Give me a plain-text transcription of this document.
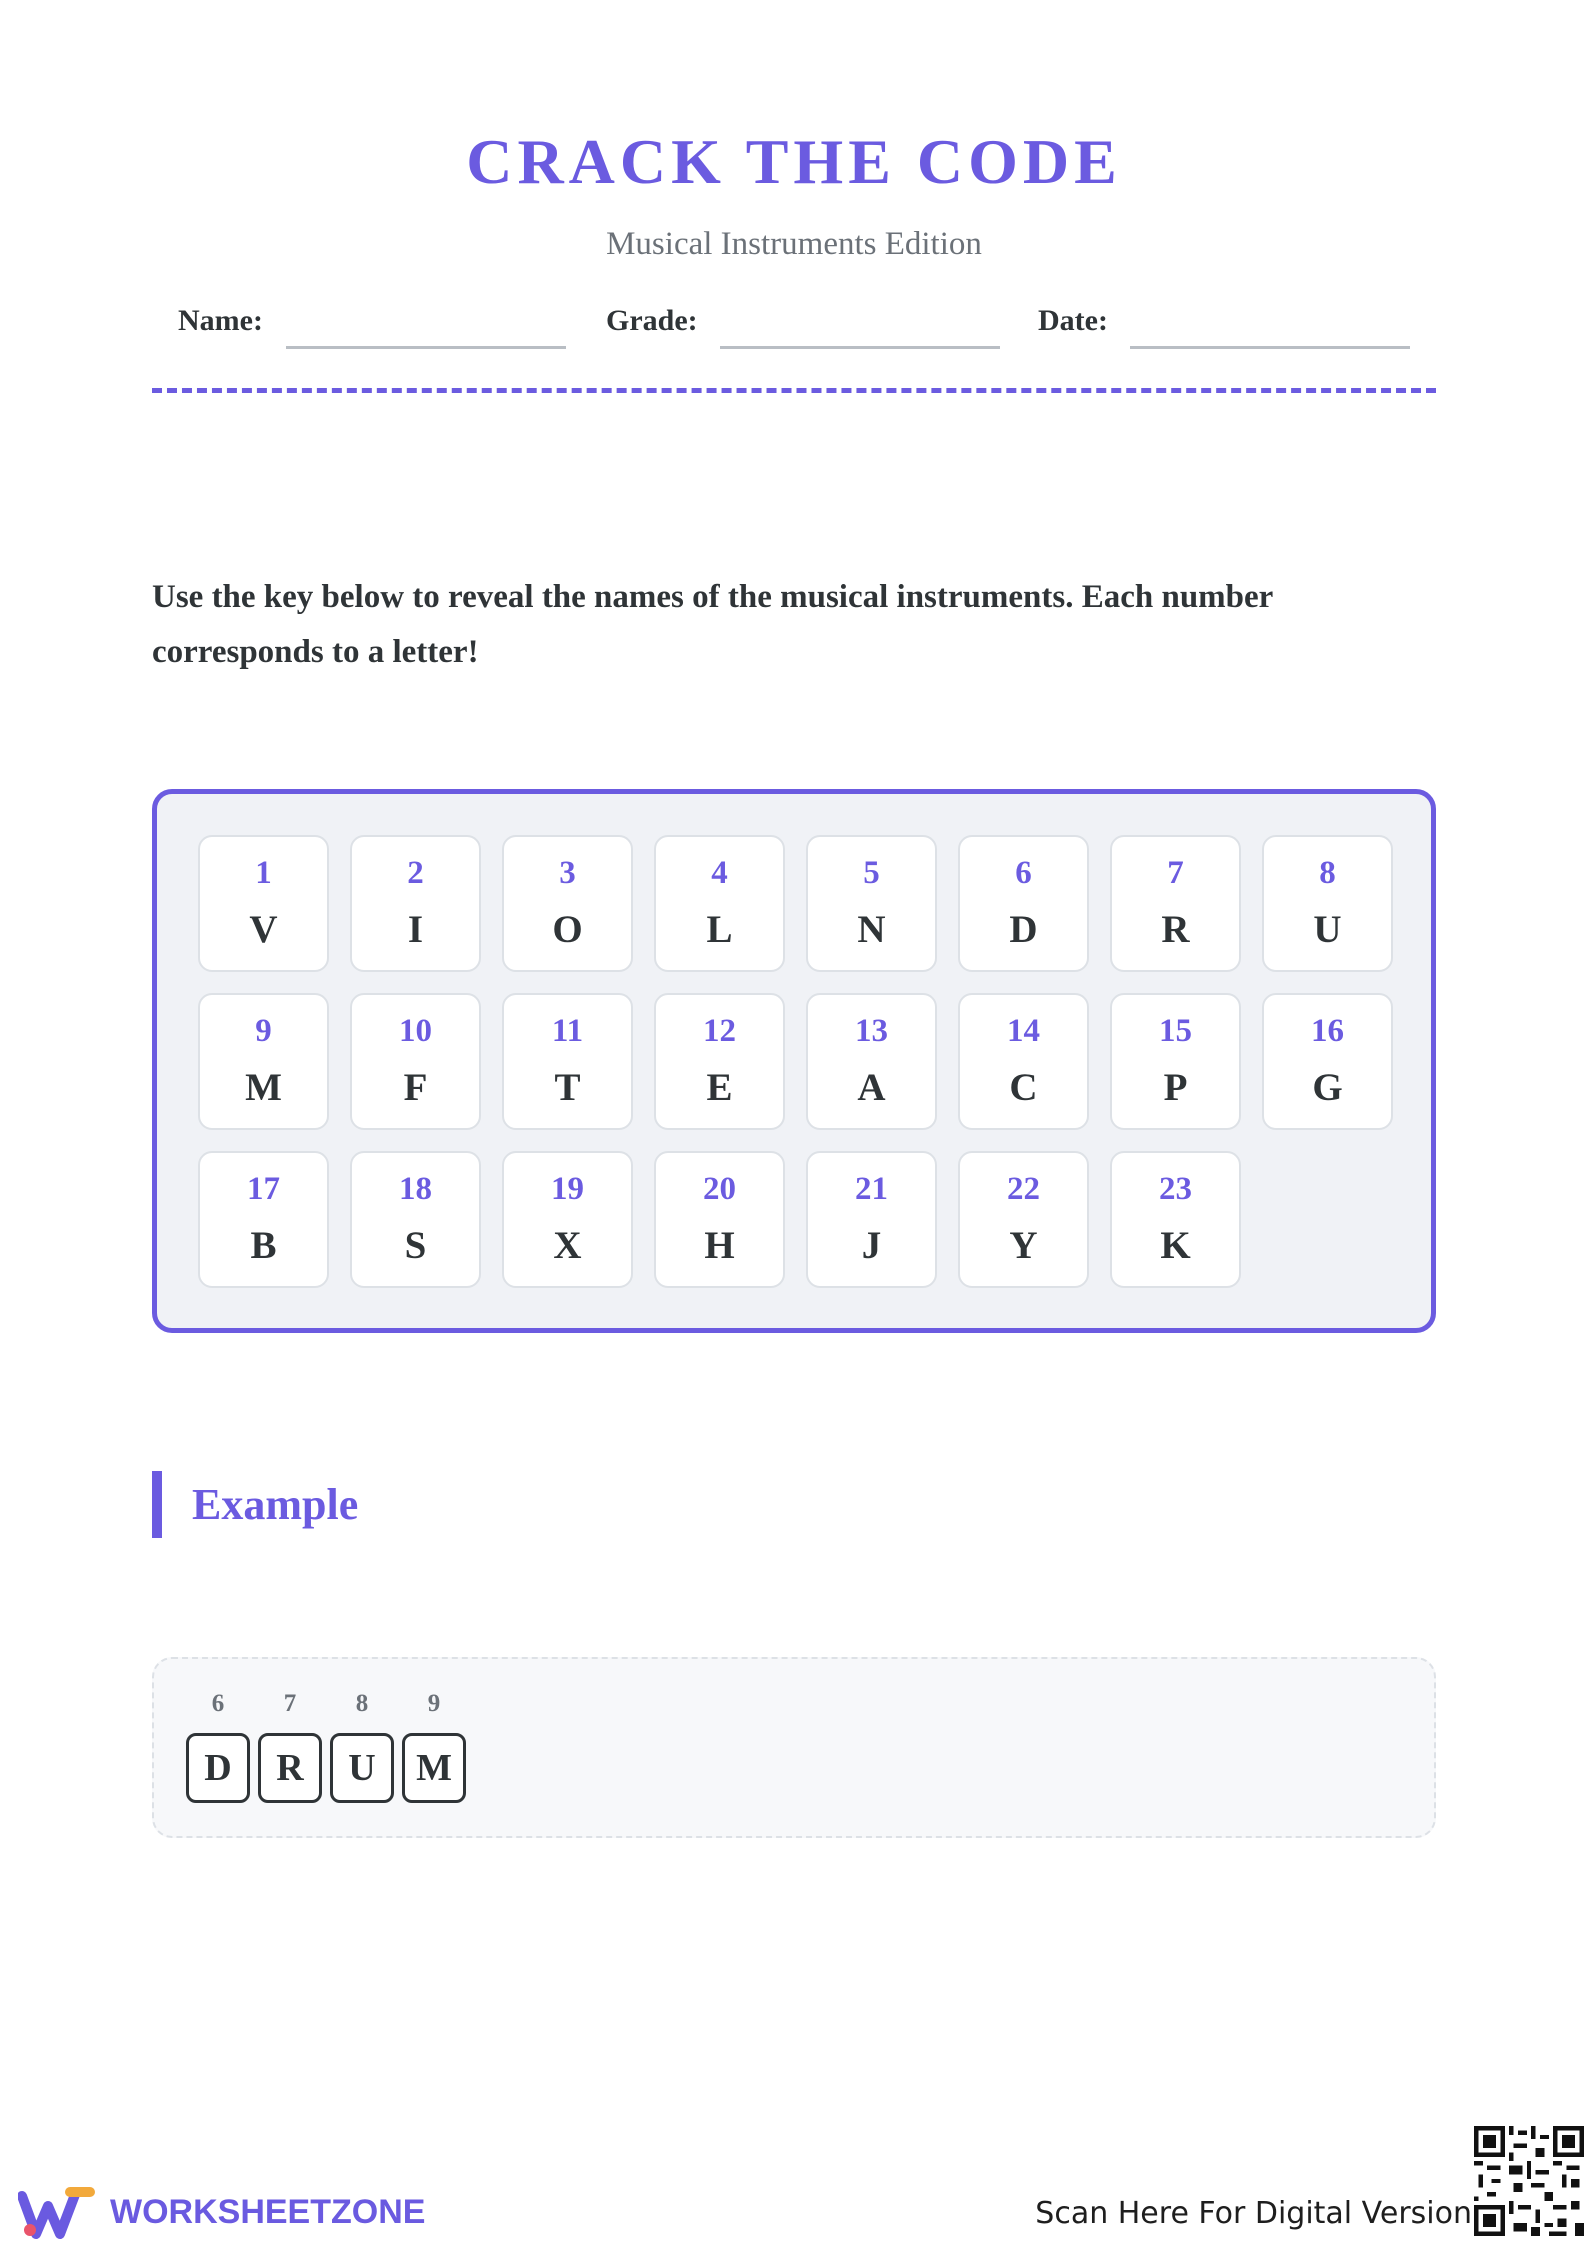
CRACK THE CODE
Musical Instruments Edition
Name:	Grade:	Date:

Use the key below to reveal the names of the musical instruments. Each number corresponds to a letter!

1
V
2
I
3
O
4
L
5
N
6
D
7
R
8
U
9
M
10
F
11
T
12
E
13
A
14
C
15
P
16
G
17
B
18
S
19
X
20
H
21
J
22
Y
23
K
Example
6
D
7
R
8
U
9
M
WORKSHEETZONE	Scan Here For Digital Version
